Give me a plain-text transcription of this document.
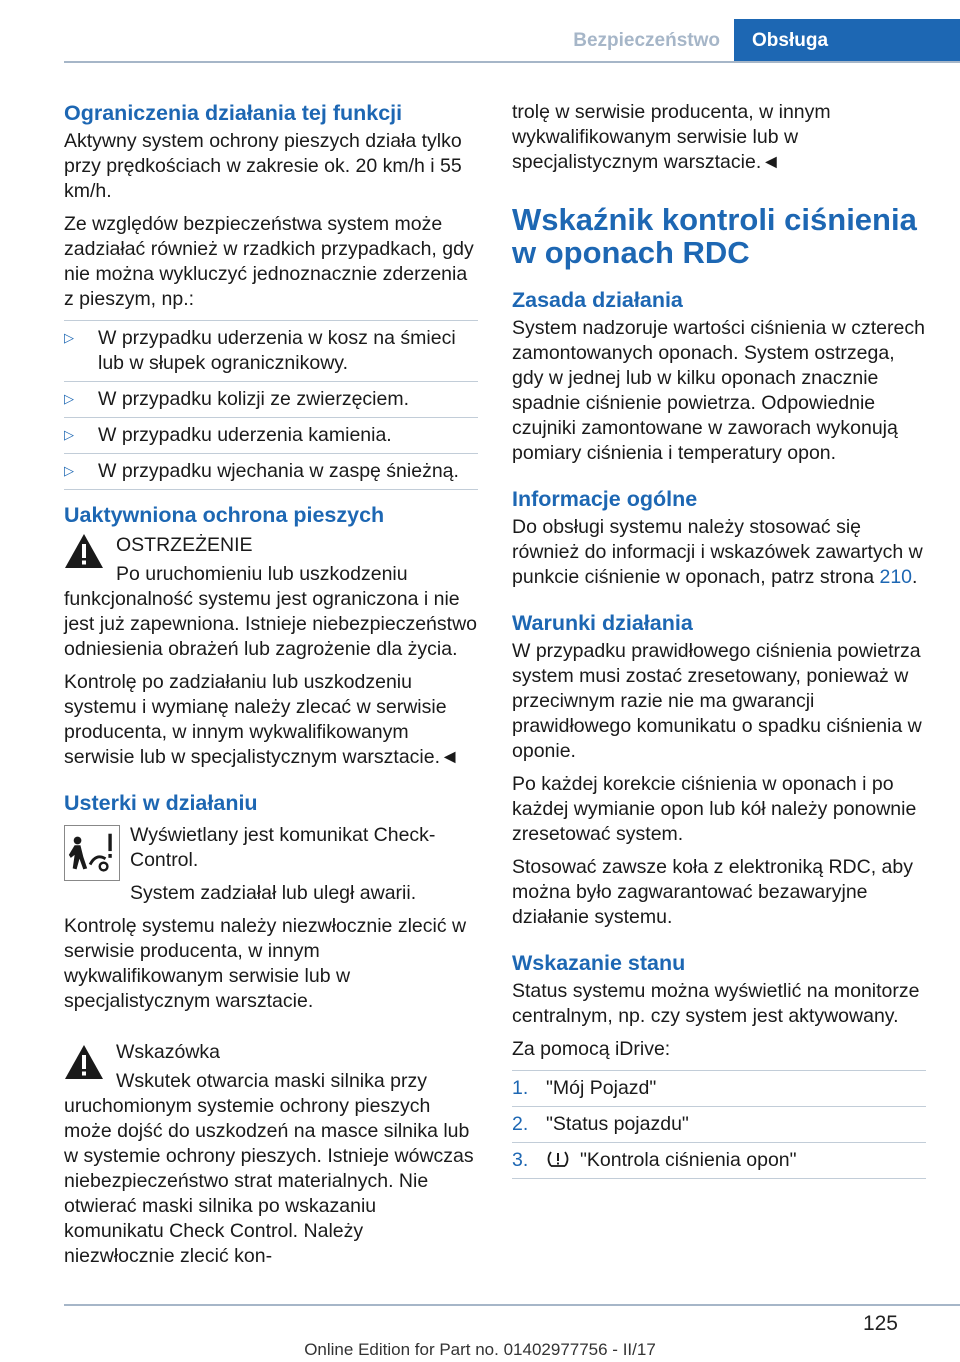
Bezpieczeństwo	Obsługa
Ograniczenia działania tej funkcji

Aktywny system ochrony pieszych działa tylko przy prędkościach w zakresie ok. 20 km/h i 55 km/h.

Ze względów bezpieczeństwa system może zadziałać również w rzadkich przypadkach, gdy nie można wykluczyć jednoznacznie zderzenia z pieszym, np.:

▷ W przypadku uderzenia w kosz na śmieci lub w słupek ogranicznikowy.
▷ W przypadku kolizji ze zwierzęciem.
▷ W przypadku uderzenia kamienia.
▷ W przypadku wjechania w zaspę śnieżną.
Uaktywniona ochrona pieszych

OSTRZEŻENIE

Po uruchomieniu lub uszkodzeniu funkcjonalność systemu jest ograniczona i nie jest już zapewniona. Istnieje niebezpieczeństwo odniesienia obrażeń lub zagrożenie dla życia.

Kontrolę po zadziałaniu lub uszkodzeniu systemu i wymianę należy zlecać w serwisie producenta, w innym wykwalifikowanym serwisie lub w specjalistycznym warsztacie.◄

Usterki w działaniu

Wyświetlany jest komunikat Check-Control.

System zadziałał lub uległ awarii.

Kontrolę systemu należy niezwłocznie zlecić w serwisie producenta, w innym wykwalifikowanym serwisie lub w specjalistycznym warsztacie.

Wskazówka

Wskutek otwarcia maski silnika przy uruchomionym systemie ochrony pieszych może dojść do uszkodzeń na masce silnika lub w systemie ochrony pieszych. Istnieje wówczas niebezpieczeństwo strat materialnych. Nie otwierać maski silnika po wskazaniu komunikatu Check Control. Należy niezwłocznie zlecić kon-

trolę w serwisie producenta, w innym wykwalifikowanym serwisie lub w specjalistycznym warsztacie.◄

Wskaźnik kontroli ciśnienia w oponach RDC
Zasada działania

System nadzoruje wartości ciśnienia w czterech zamontowanych oponach. System ostrzega, gdy w jednej lub w kilku oponach znacznie spadnie ciśnienie powietrza. Odpowiednie czujniki zamontowane w zaworach wykonują pomiary ciśnienia i temperatury opon.

Informacje ogólne

Do obsługi systemu należy stosować się również do informacji i wskazówek zawartych w punkcie ciśnienie w oponach, patrz strona 210.

Warunki działania

W przypadku prawidłowego ciśnienia powietrza system musi zostać zresetowany, ponieważ w przeciwnym razie nie ma gwarancji prawidłowego komunikatu o spadku ciśnienia w oponie.

Po każdej korekcie ciśnienia w oponach i po każdej wymianie opon lub kół należy ponownie zresetować system.

Stosować zawsze koła z elektroniką RDC, aby można było zagwarantować bezawaryjne działanie systemu.

Wskazanie stanu

Status systemu można wyświetlić na monitorze centralnym, np. czy system jest aktywowany.

Za pomocą iDrive:

1. "Mój Pojazd"
2. "Status pojazdu"
3.	"Kontrola ciśnienia opon"
125
Online Edition for Part no. 01402977756 - II/17
